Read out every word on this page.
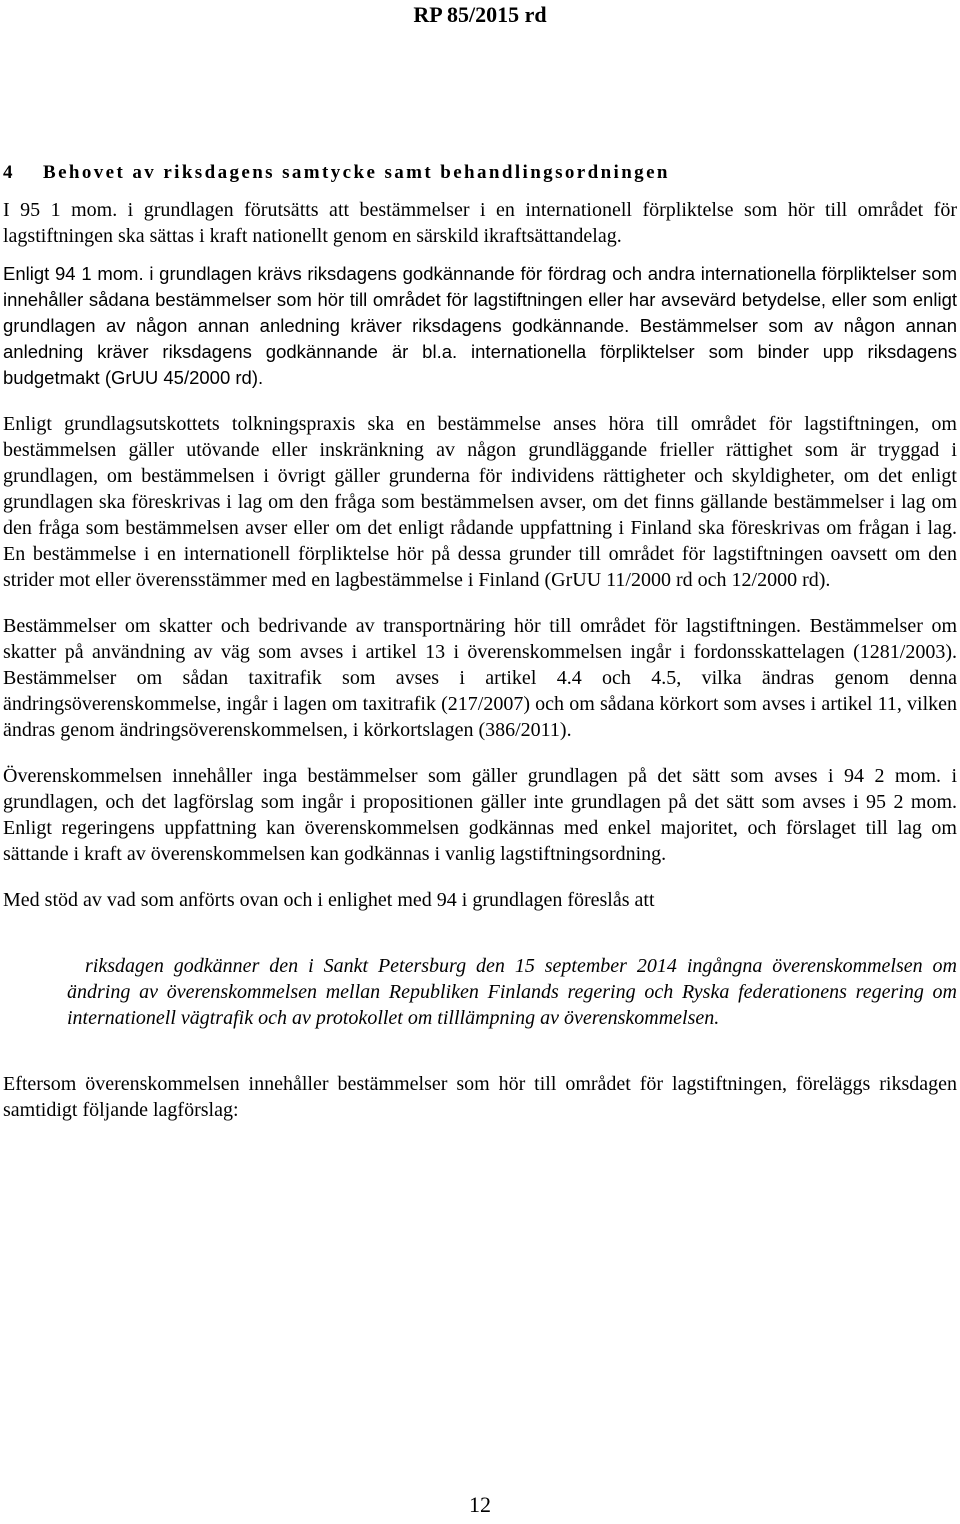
RP 85/2015 rd
4 Behovet av riksdagens samtycke samt behandlingsordningen

I 95 1 mom. i grundlagen förutsätts att bestämmelser i en internationell förpliktelse som hör till området för lagstiftningen ska sättas i kraft nationellt genom en särskild ikraftsättandelag.

Enligt 94 1 mom. i grundlagen krävs riksdagens godkännande för fördrag och andra internationella förpliktelser som innehåller sådana bestämmelser som hör till området för lagstiftningen eller har avsevärd betydelse, eller som enligt grundlagen av någon annan anledning kräver riksdagens godkännande. Bestämmelser som av någon annan anledning kräver riksdagens godkännande är bl.a. internationella förpliktelser som binder upp riksdagens budgetmakt (GrUU 45/2000 rd).

Enligt grundlagsutskottets tolkningspraxis ska en bestämmelse anses höra till området för lagstiftningen, om bestämmelsen gäller utövande eller inskränkning av någon grundläggande frieller rättighet som är tryggad i grundlagen, om bestämmelsen i övrigt gäller grunderna för individens rättigheter och skyldigheter, om det enligt grundlagen ska föreskrivas i lag om den fråga som bestämmelsen avser, om det finns gällande bestämmelser i lag om den fråga som bestämmelsen avser eller om det enligt rådande uppfattning i Finland ska föreskrivas om frågan i lag. En bestämmelse i en internationell förpliktelse hör på dessa grunder till området för lagstiftningen oavsett om den strider mot eller överensstämmer med en lagbestämmelse i Finland (GrUU 11/2000 rd och 12/2000 rd).

Bestämmelser om skatter och bedrivande av transportnäring hör till området för lagstiftningen. Bestämmelser om skatter på användning av väg som avses i artikel 13 i överenskommelsen ingår i fordonsskattelagen (1281/2003). Bestämmelser om sådan taxitrafik som avses i artikel 4.4 och 4.5, vilka ändras genom denna ändringsöverenskommelse, ingår i lagen om taxitrafik (217/2007) och om sådana körkort som avses i artikel 11, vilken ändras genom ändringsöverenskommelsen, i körkortslagen (386/2011).

Överenskommelsen innehåller inga bestämmelser som gäller grundlagen på det sätt som avses i 94 2 mom. i grundlagen, och det lagförslag som ingår i propositionen gäller inte grundlagen på det sätt som avses i 95 2 mom. Enligt regeringens uppfattning kan överenskommelsen godkännas med enkel majoritet, och förslaget till lag om sättande i kraft av överenskommelsen kan godkännas i vanlig lagstiftningsordning.

Med stöd av vad som anförts ovan och i enlighet med 94 i grundlagen föreslås att

riksdagen godkänner den i Sankt Petersburg den 15 september 2014 ingångna överenskommelsen om ändring av överenskommelsen mellan Republiken Finlands regering och Ryska federationens regering om internationell vägtrafik och av protokollet om tilllämpning av överenskommelsen.

Eftersom överenskommelsen innehåller bestämmelser som hör till området för lagstiftningen, föreläggs riksdagen samtidigt följande lagförslag:

12
